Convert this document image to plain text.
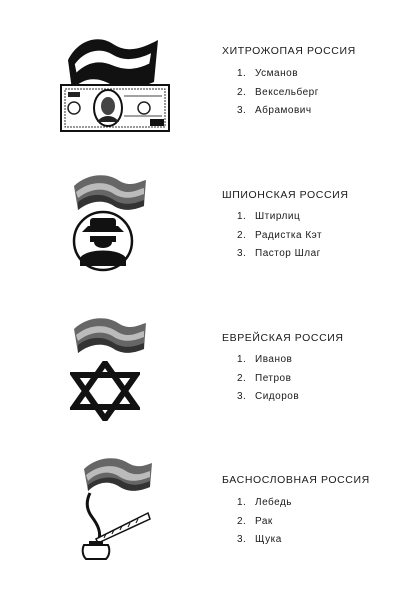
ХИТРОЖОПАЯ РОССИЯ
1. Усманов
2. Вексельберг
3. Абрамович
ШПИОНСКАЯ РОССИЯ
1. Штирлиц
2. Радистка Кэт
3. Пастор Шлаг
ЕВРЕЙСКАЯ РОССИЯ
1. Иванов
2. Петров
3. Сидоров
БАСНОСЛОВНАЯ РОССИЯ
1. Лебедь
2. Рак
3. Щука
